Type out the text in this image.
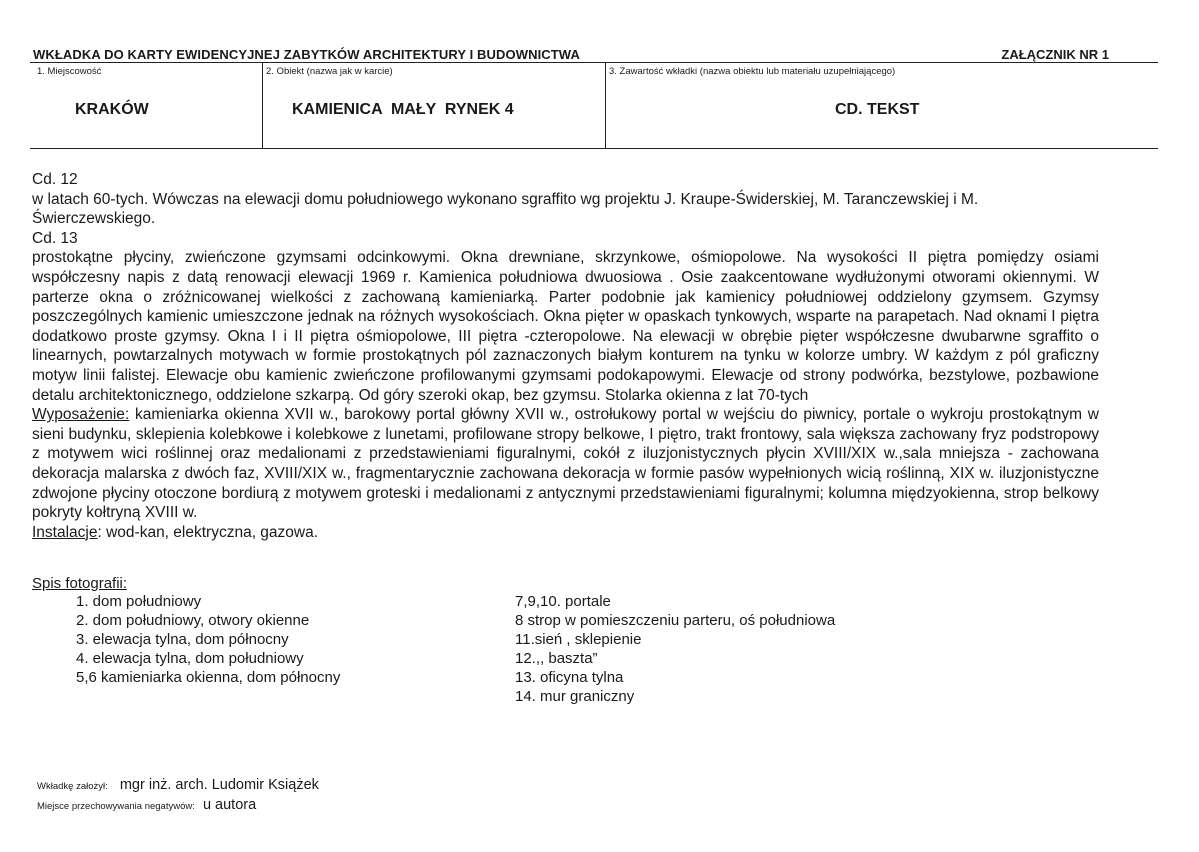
WKŁADKA DO KARTY EWIDENCYJNEJ ZABYTKÓW ARCHITEKTURY I BUDOWNICTWA	ZAŁĄCZNIK NR 1
1. Miejscowość
KRAKÓW
2. Obiekt (nazwa jak w karcie)
KAMIENICA  MAŁY  RYNEK 4
3. Zawartość wkładki (nazwa obiektu lub materiału uzupełniającego)
CD. TEKST

Cd. 12

w latach 60-tych. Wówczas na elewacji domu południowego wykonano sgraffito wg projektu J. Kraupe-Świderskiej, M. Taranczewskiej i M. Świerczewskiego.

Cd. 13

prostokątne płyciny, zwieńczone gzymsami odcinkowymi. Okna drewniane, skrzynkowe, ośmiopolowe. Na wysokości II piętra pomiędzy osiami współczesny napis z datą renowacji elewacji 1969 r. Kamienica południowa dwuosiowa . Osie zaakcentowane wydłużonymi otworami okiennymi. W parterze okna o zróżnicowanej wielkości z zachowaną kamieniarką. Parter podobnie jak kamienicy południowej oddzielony gzymsem. Gzymsy poszczególnych kamienic umieszczone jednak na różnych wysokościach. Okna pięter w opaskach tynkowych, wsparte na parapetach. Nad oknami I piętra dodatkowo proste gzymsy. Okna I i II piętra ośmiopolowe, III piętra -czteropolowe. Na elewacji w obrębie pięter współczesne dwubarwne sgraffito o linearnych, powtarzalnych motywach w formie prostokątnych pól zaznaczonych białym konturem na tynku w kolorze umbry. W każdym z pól graficzny motyw linii falistej. Elewacje obu kamienic zwieńczone profilowanymi gzymsami podokapowymi. Elewacje od strony podwórka, bezstylowe, pozbawione detalu architektonicznego, oddzielone szkarpą. Od góry szeroki okap, bez gzymsu. Stolarka okienna z lat 70-tych

Wyposażenie: kamieniarka okienna XVII w., barokowy portal główny XVII w., ostrołukowy portal w wejściu do piwnicy, portale o wykroju prostokątnym w sieni budynku, sklepienia kolebkowe i kolebkowe z lunetami, profilowane stropy belkowe, I piętro, trakt frontowy, sala większa zachowany fryz podstropowy z motywem wici roślinnej oraz medalionami z przedstawieniami figuralnymi, cokół z iluzjonistycznych płycin XVIII/XIX w.,sala mniejsza - zachowana dekoracja malarska z dwóch faz, XVIII/XIX w., fragmentarycznie zachowana dekoracja w formie pasów wypełnionych wicią roślinną, XIX w. iluzjonistyczne zdwojone płyciny otoczone bordiurą z motywem groteski i medalionami z antycznymi przedstawieniami figuralnymi; kolumna międzyokienna, strop belkowy pokryty kołtryną XVIII w.

Instalacje: wod-kan, elektryczna, gazowa.

Spis fotografii:
1. dom południowy
2. dom południowy, otwory okienne
3. elewacja tylna, dom północny
4. elewacja tylna, dom południowy
5,6 kamieniarka okienna, dom północny
7,9,10. portale
8 strop w pomieszczeniu parteru, oś południowa
11.sień , sklepienie
12.,, baszta”
13. oficyna tylna
14. mur graniczny
Wkładkę założył: mgr inż. arch. Ludomir Książek
Miejsce przechowywania negatywów: u autora
